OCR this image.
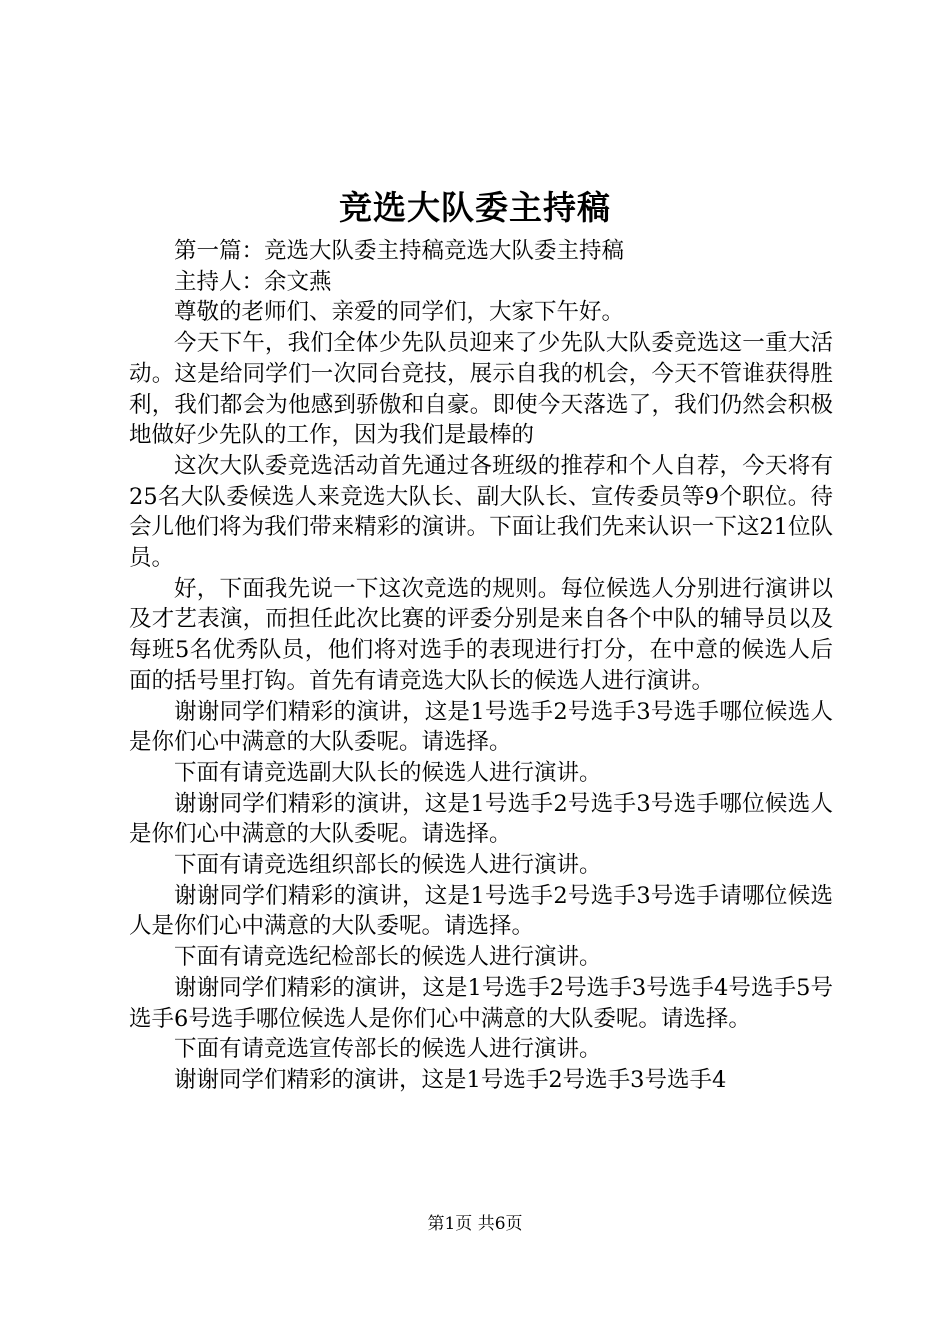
竞选大队委主持稿

第一篇：竞选大队委主持稿竞选大队委主持稿

主持人：余文燕

尊敬的老师们、亲爱的同学们，大家下午好。

今天下午，我们全体少先队员迎来了少先队大队委竞选这一重大活动。这是给同学们一次同台竞技，展示自我的机会，今天不管谁获得胜利，我们都会为他感到骄傲和自豪。即使今天落选了，我们仍然会积极地做好少先队的工作，因为我们是最棒的

这次大队委竞选活动首先通过各班级的推荐和个人自荐，今天将有25名大队委候选人来竞选大队长、副大队长、宣传委员等9个职位。待会儿他们将为我们带来精彩的演讲。下面让我们先来认识一下这21位队员。

好，下面我先说一下这次竞选的规则。每位候选人分别进行演讲以及才艺表演，而担任此次比赛的评委分别是来自各个中队的辅导员以及每班5名优秀队员，他们将对选手的表现进行打分，在中意的候选人后面的括号里打钩。首先有请竞选大队长的候选人进行演讲。

谢谢同学们精彩的演讲，这是1号选手2号选手3号选手哪位候选人是你们心中满意的大队委呢。请选择。

下面有请竞选副大队长的候选人进行演讲。

谢谢同学们精彩的演讲，这是1号选手2号选手3号选手哪位候选人是你们心中满意的大队委呢。请选择。

下面有请竞选组织部长的候选人进行演讲。

谢谢同学们精彩的演讲，这是1号选手2号选手3号选手请哪位候选人是你们心中满意的大队委呢。请选择。

下面有请竞选纪检部长的候选人进行演讲。

谢谢同学们精彩的演讲，这是1号选手2号选手3号选手4号选手5号选手6号选手哪位候选人是你们心中满意的大队委呢。请选择。

下面有请竞选宣传部长的候选人进行演讲。

谢谢同学们精彩的演讲，这是1号选手2号选手3号选手4

第1页 共6页
